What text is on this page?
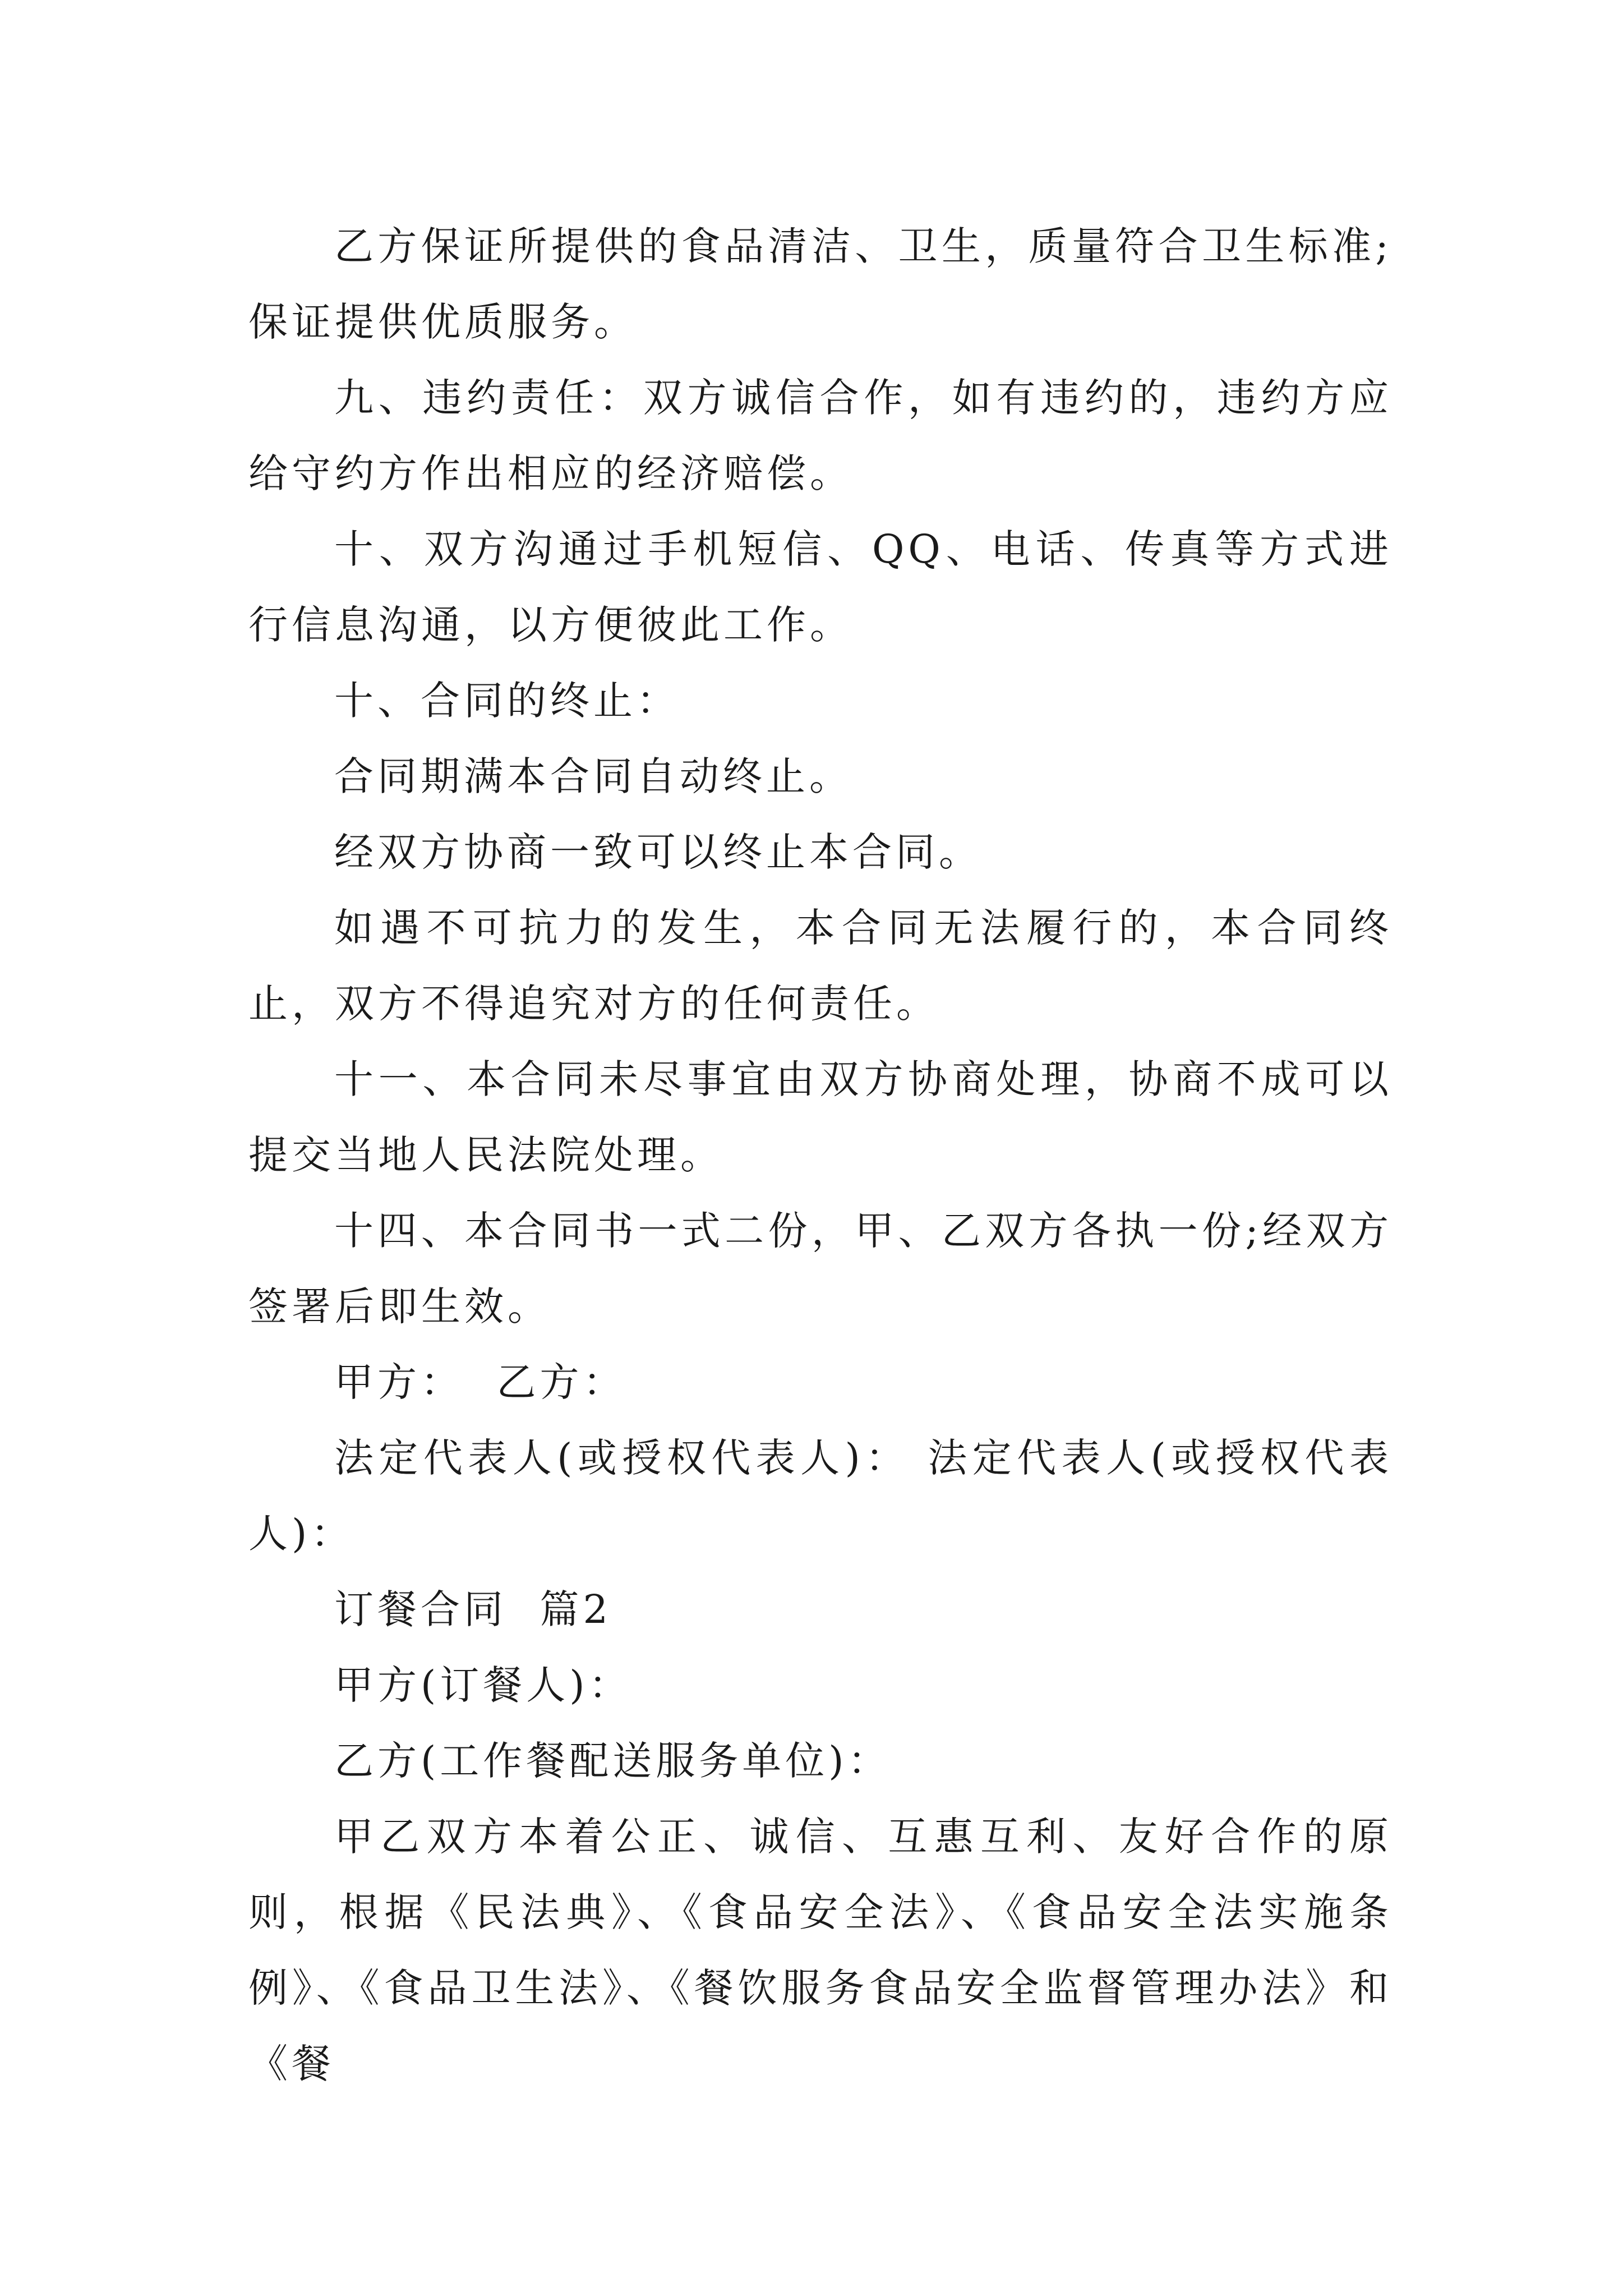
乙方保证所提供的食品清洁、卫生，质量符合卫生标准;保证提供优质服务。

九、违约责任：双方诚信合作，如有违约的，违约方应给守约方作出相应的经济赔偿。

十、双方沟通过手机短信、QQ、电话、传真等方式进行信息沟通，以方便彼此工作。

十、合同的终止：

合同期满本合同自动终止。

经双方协商一致可以终止本合同。

如遇不可抗力的发生，本合同无法履行的，本合同终止，双方不得追究对方的任何责任。

十一、本合同未尽事宜由双方协商处理，协商不成可以提交当地人民法院处理。

十四、本合同书一式二份，甲、乙双方各执一份;经双方签署后即生效。

甲方：  乙方：

法定代表人(或授权代表人)： 法定代表人(或授权代表人)：

订餐合同  篇2

甲方(订餐人)：

乙方(工作餐配送服务单位)：

甲乙双方本着公正、诚信、互惠互利、友好合作的原则，根据《民法典》、《食品安全法》、《食品安全法实施条例》、《食品卫生法》、《餐饮服务食品安全监督管理办法》和《餐
